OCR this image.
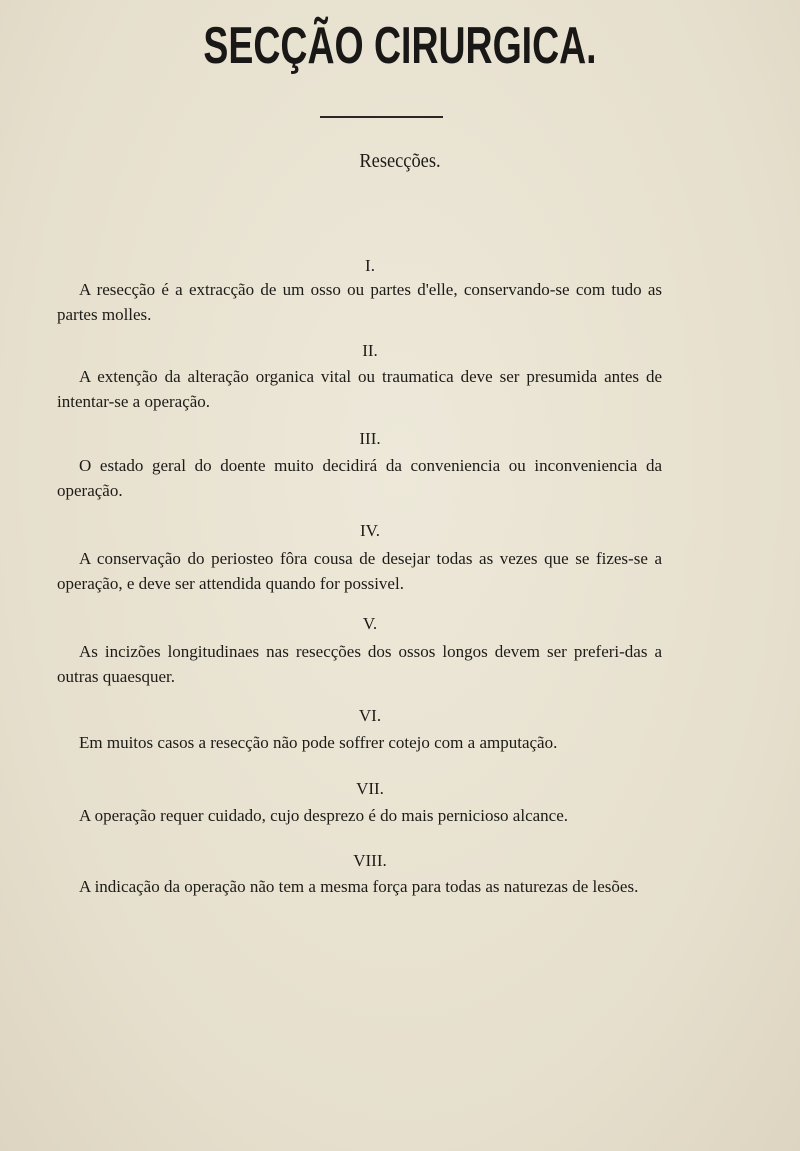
SECÇÃO CIRURGICA.
Resecções.
I.

A resecção é a extracção de um osso ou partes d'elle, conservando-se com tudo as partes molles.

II.

A extenção da alteração organica vital ou traumatica deve ser presumida antes de intentar-se a operação.

III.

O estado geral do doente muito decidirá da conveniencia ou inconveniencia da operação.

IV.

A conservação do periosteo fôra cousa de desejar todas as vezes que se fizes-se a operação, e deve ser attendida quando for possivel.

V.

As incizões longitudinaes nas resecções dos ossos longos devem ser preferi-das a outras quaesquer.

VI.

Em muitos casos a resecção não pode soffrer cotejo com a amputação.

VII.

A operação requer cuidado, cujo desprezo é do mais pernicioso alcance.

VIII.

A indicação da operação não tem a mesma força para todas as naturezas de lesões.
